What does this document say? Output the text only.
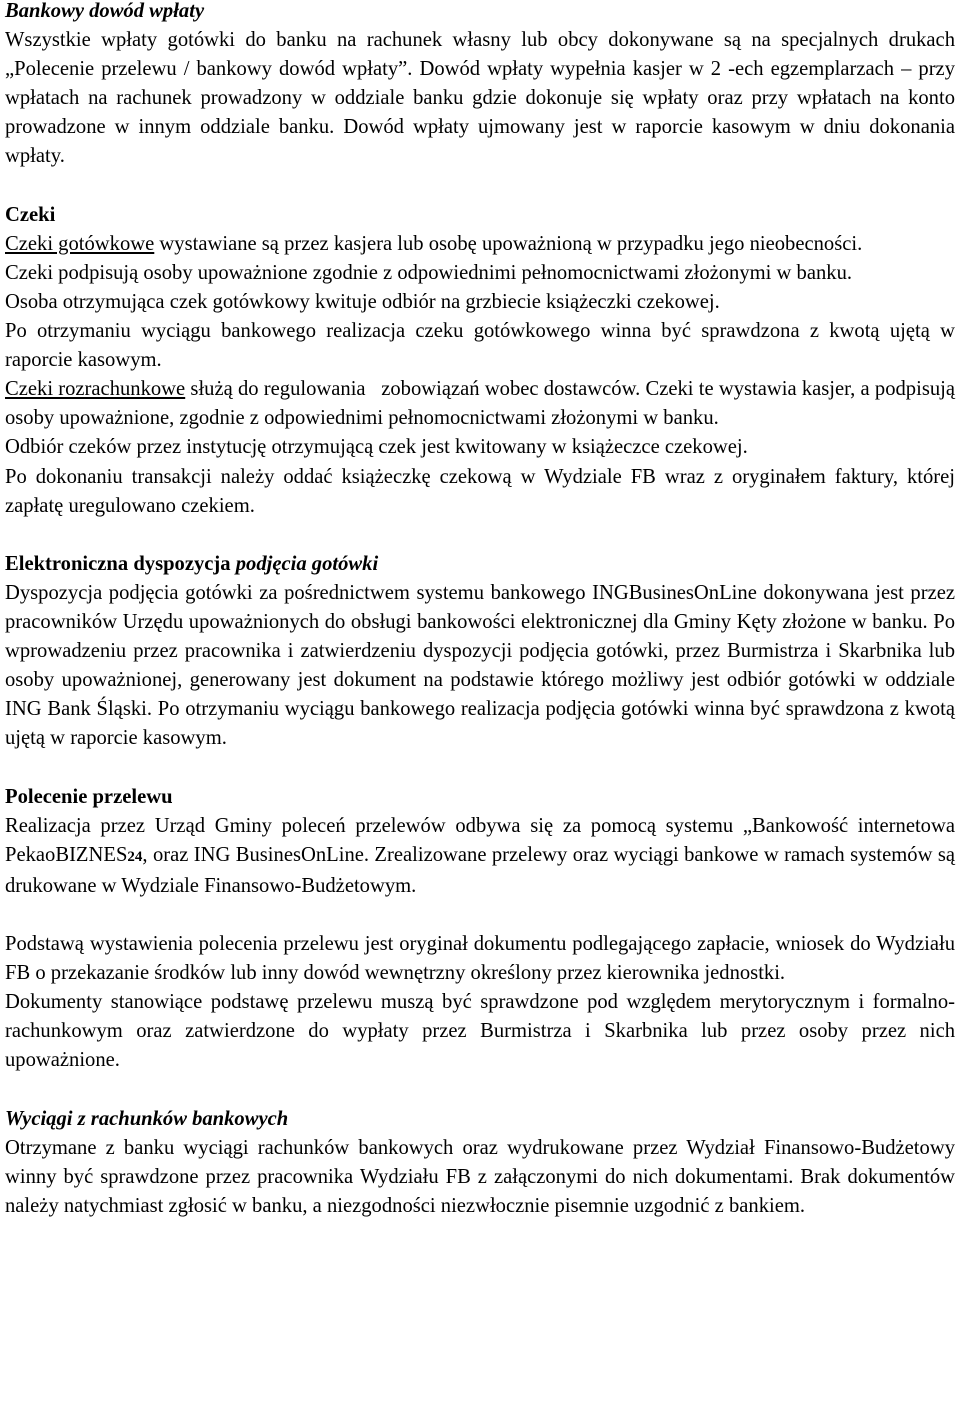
Bankowy dowód wpłaty

Wszystkie wpłaty gotówki do banku na rachunek własny lub obcy dokonywane są na specjalnych drukach „Polecenie przelewu / bankowy dowód wpłaty”. Dowód wpłaty wypełnia kasjer w 2 -ech egzemplarzach – przy wpłatach na rachunek prowadzony w oddziale banku gdzie dokonuje się wpłaty oraz przy wpłatach na konto prowadzone w innym oddziale banku. Dowód wpłaty ujmowany jest w raporcie kasowym w dniu dokonania wpłaty.

Czeki

Czeki gotówkowe wystawiane są przez kasjera lub osobę upoważnioną w przypadku jego nieobecności.

Czeki podpisują osoby upoważnione zgodnie z odpowiednimi pełnomocnictwami złożonymi w banku.

Osoba otrzymująca czek gotówkowy kwituje odbiór na grzbiecie książeczki czekowej.

Po otrzymaniu wyciągu bankowego realizacja czeku gotówkowego winna być sprawdzona z kwotą ujętą w raporcie kasowym.

Czeki rozrachunkowe służą do regulowania   zobowiązań wobec dostawców. Czeki te wystawia kasjer, a podpisują osoby upoważnione, zgodnie z odpowiednimi pełnomocnictwami złożonymi w banku.

Odbiór czeków przez instytucję otrzymującą czek jest kwitowany w książeczce czekowej.

Po dokonaniu transakcji należy oddać książeczkę czekową w Wydziale FB wraz z oryginałem faktury, której zapłatę uregulowano czekiem.

Elektroniczna dyspozycja podjęcia gotówki

Dyspozycja podjęcia gotówki za pośrednictwem systemu bankowego INGBusinesOnLine dokonywana jest przez pracowników Urzędu upoważnionych do obsługi bankowości elektronicznej dla Gminy Kęty złożone w banku. Po wprowadzeniu przez pracownika i zatwierdzeniu dyspozycji podjęcia gotówki, przez Burmistrza i Skarbnika lub osoby upoważnionej, generowany jest dokument na podstawie którego możliwy jest odbiór gotówki w oddziale ING Bank Śląski. Po otrzymaniu wyciągu bankowego realizacja podjęcia gotówki winna być sprawdzona z kwotą ujętą w raporcie kasowym.

Polecenie przelewu

Realizacja przez Urząd Gminy poleceń przelewów odbywa się za pomocą systemu „Bankowość internetowa PekaoBIZNES24, oraz ING BusinesOnLine. Zrealizowane przelewy oraz wyciągi bankowe w ramach systemów są drukowane w Wydziale Finansowo-Budżetowym.

Podstawą wystawienia polecenia przelewu jest oryginał dokumentu podlegającego zapłacie, wniosek do Wydziału FB o przekazanie środków lub inny dowód wewnętrzny określony przez kierownika jednostki.

Dokumenty stanowiące podstawę przelewu muszą być sprawdzone pod względem merytorycznym i formalno-rachunkowym oraz zatwierdzone do wypłaty przez Burmistrza i Skarbnika lub przez osoby przez nich upoważnione.

Wyciągi z rachunków bankowych

Otrzymane z banku wyciągi rachunków bankowych oraz wydrukowane przez Wydział Finansowo-Budżetowy winny być sprawdzone przez pracownika Wydziału FB z załączonymi do nich dokumentami. Brak dokumentów należy natychmiast zgłosić w banku, a niezgodności niezwłocznie pisemnie uzgodnić z bankiem.
